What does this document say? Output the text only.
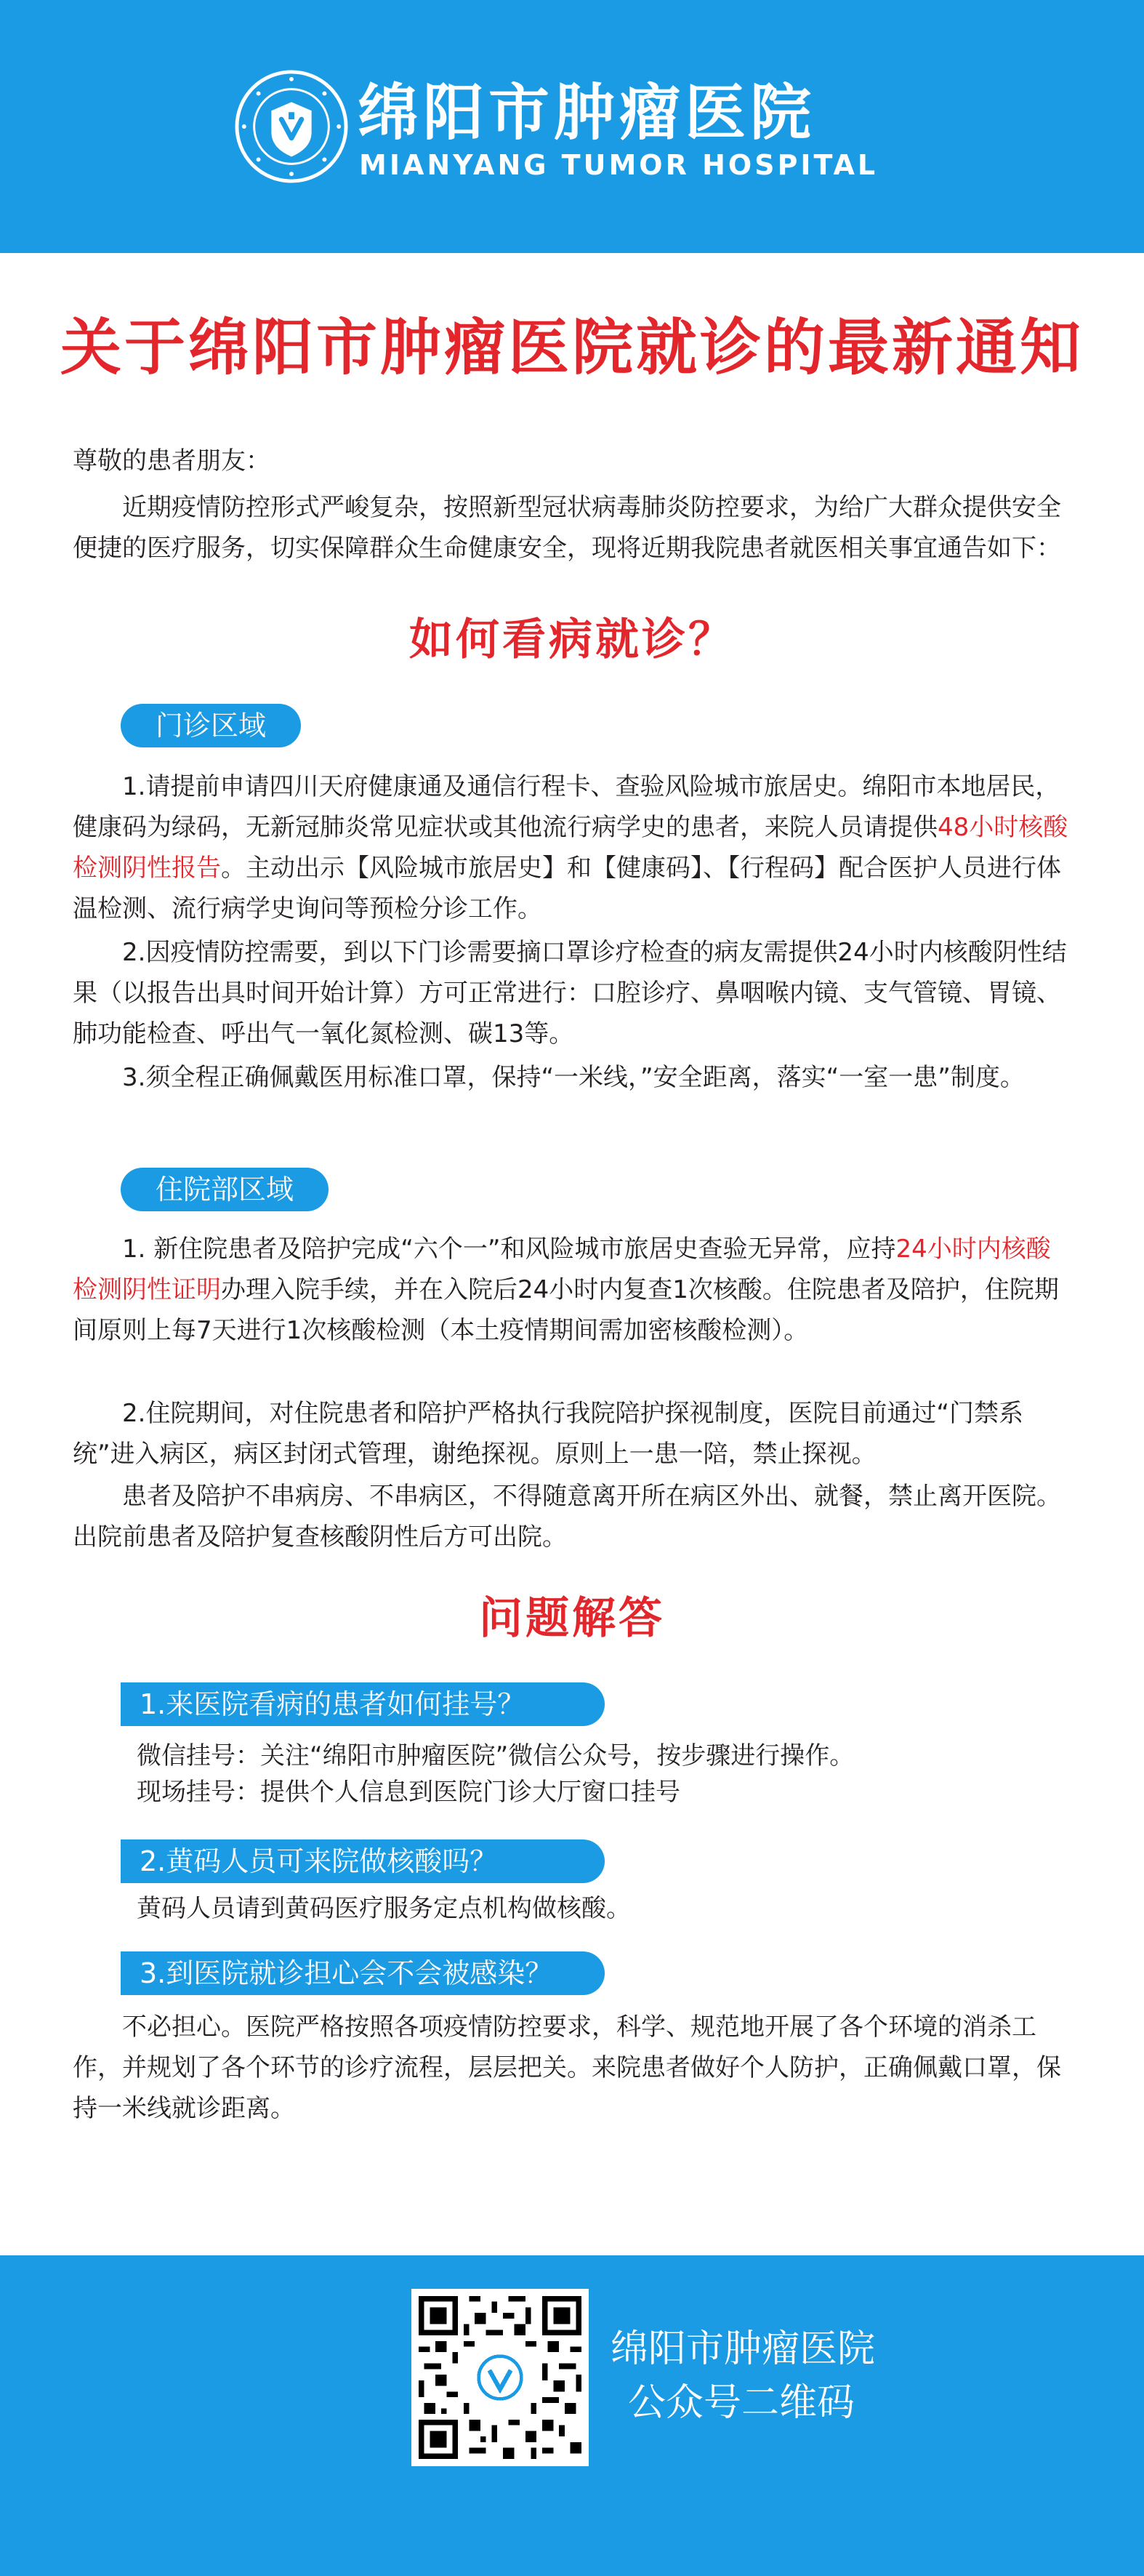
绵阳市肿瘤医院
MIANYANG TUMOR HOSPITAL
关于绵阳市肿瘤医院就诊的最新通知
尊敬的患者朋友：
近期疫情防控形式严峻复杂，按照新型冠状病毒肺炎防控要求，为给广大群众提供安全便捷的医疗服务，切实保障群众生命健康安全，现将近期我院患者就医相关事宜通告如下：
如何看病就诊？
门诊区域
1.请提前申请四川天府健康通及通信行程卡、查验风险城市旅居史。绵阳市本地居民，健康码为绿码，无新冠肺炎常见症状或其他流行病学史的患者，来院人员请提供48小时核酸检测阴性报告。主动出示【风险城市旅居史】和【健康码】、【行程码】配合医护人员进行体温检测、流行病学史询问等预检分诊工作。
2.因疫情防控需要，到以下门诊需要摘口罩诊疗检查的病友需提供24小时内核酸阴性结果（以报告出具时间开始计算）方可正常进行：口腔诊疗、鼻咽喉内镜、支气管镜、胃镜、肺功能检查、呼出气一氧化氮检测、碳13等。
3.须全程正确佩戴医用标准口罩，保持“一米线，”安全距离，落实“一室一患”制度。
住院部区域
1. 新住院患者及陪护完成“六个一”和风险城市旅居史查验无异常，应持24小时内核酸检测阴性证明办理入院手续，并在入院后24小时内复查1次核酸。住院患者及陪护，住院期间原则上每7天进行1次核酸检测（本土疫情期间需加密核酸检测）。
2.住院期间，对住院患者和陪护严格执行我院陪护探视制度，医院目前通过“门禁系统”进入病区，病区封闭式管理，谢绝探视。原则上一患一陪，禁止探视。
患者及陪护不串病房、不串病区，不得随意离开所在病区外出、就餐，禁止离开医院。出院前患者及陪护复查核酸阴性后方可出院。
问题解答
1.来医院看病的患者如何挂号？
微信挂号：关注“绵阳市肿瘤医院”微信公众号，按步骤进行操作。
现场挂号：提供个人信息到医院门诊大厅窗口挂号
2.黄码人员可来院做核酸吗？
黄码人员请到黄码医疗服务定点机构做核酸。
3.到医院就诊担心会不会被感染？
不必担心。医院严格按照各项疫情防控要求，科学、规范地开展了各个环境的消杀工作，并规划了各个环节的诊疗流程，层层把关。来院患者做好个人防护，正确佩戴口罩，保持一米线就诊距离。
绵阳市肿瘤医院
公众号二维码
